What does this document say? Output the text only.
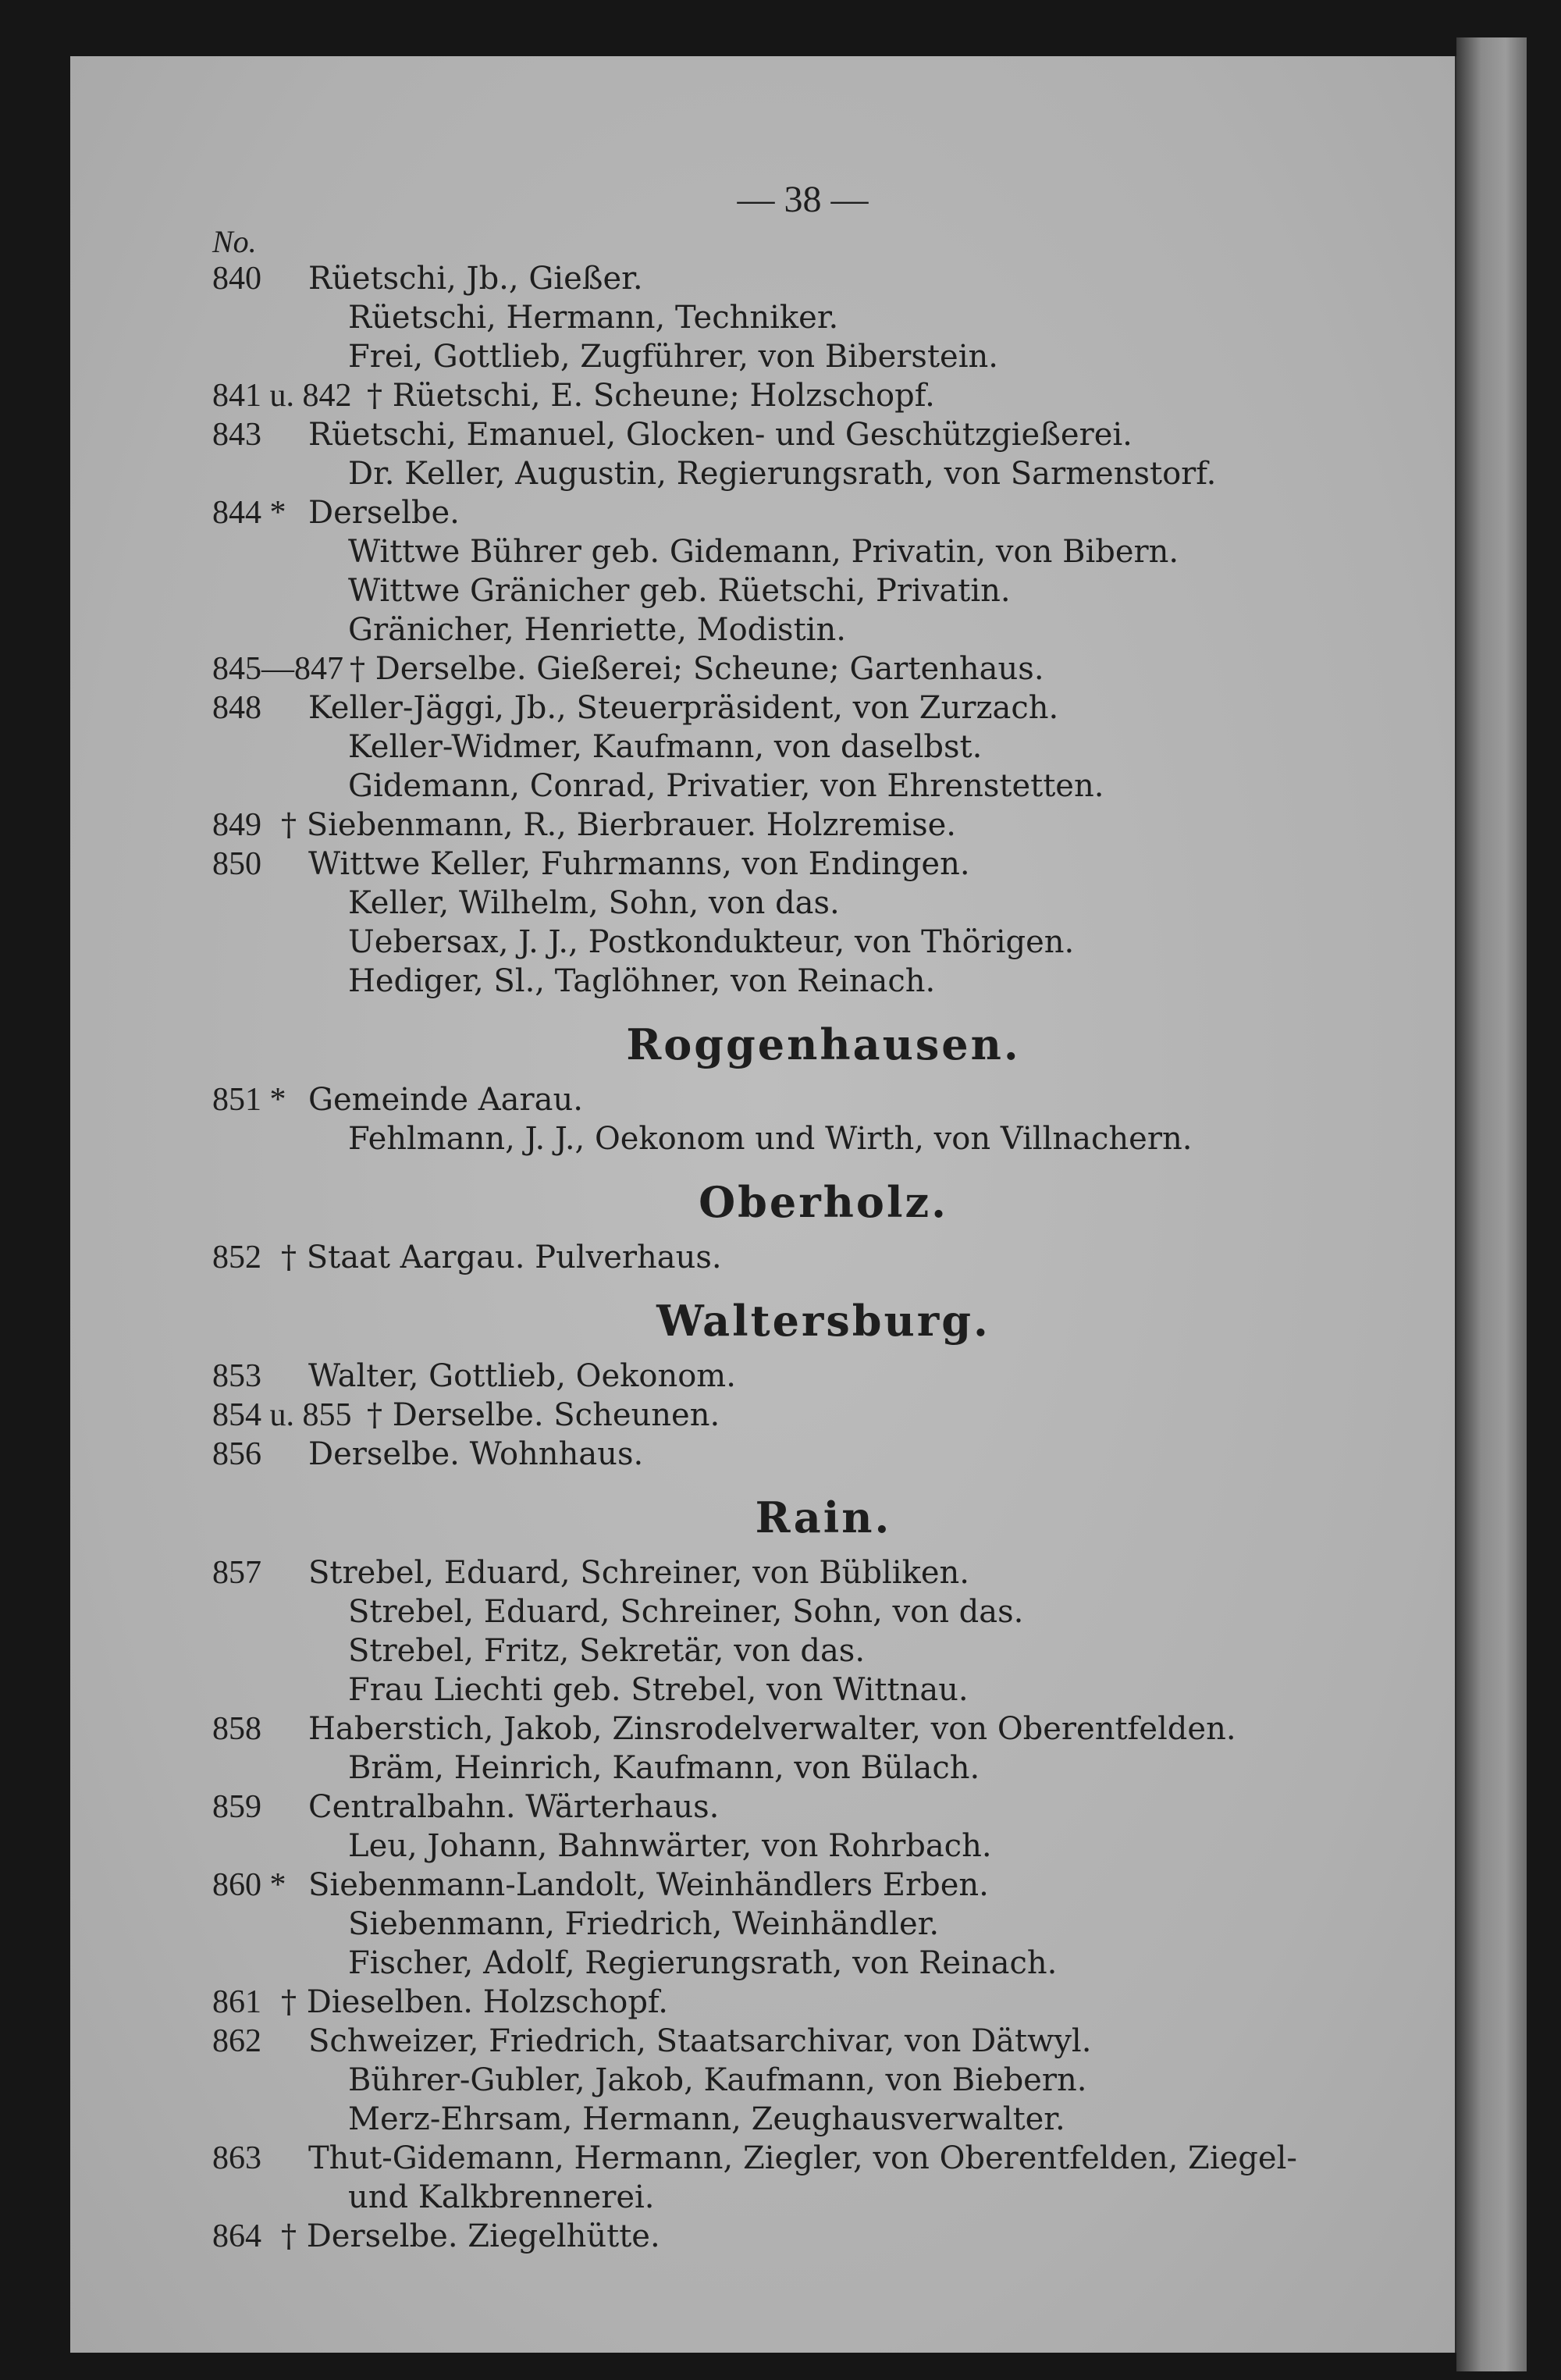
— 38 —
No.
840 Rüetschi, Jb., Gießer.
Rüetschi, Hermann, Techniker.
Frei, Gottlieb, Zugführer, von Biberstein.
841 u. 842 † Rüetschi, E. Scheune; Holzschopf.
843 Rüetschi, Emanuel, Glocken- und Geschützgießerei.
Dr. Keller, Augustin, Regierungsrath, von Sarmenstorf.
844 * Derselbe.
Wittwe Bührer geb. Gidemann, Privatin, von Bibern.
Wittwe Gränicher geb. Rüetschi, Privatin.
Gränicher, Henriette, Modistin.
845—847 † Derselbe. Gießerei; Scheune; Gartenhaus.
848 Keller-Jäggi, Jb., Steuerpräsident, von Zurzach.
Keller-Widmer, Kaufmann, von daselbst.
Gidemann, Conrad, Privatier, von Ehrenstetten.
849 † Siebenmann, R., Bierbrauer. Holzremise.
850 Wittwe Keller, Fuhrmanns, von Endingen.
Keller, Wilhelm, Sohn, von das.
Uebersax, J. J., Postkondukteur, von Thörigen.
Hediger, Sl., Taglöhner, von Reinach.
Roggenhausen.
851 * Gemeinde Aarau.
Fehlmann, J. J., Oekonom und Wirth, von Villnachern.
Oberholz.
852 † Staat Aargau. Pulverhaus.
Waltersburg.
853 Walter, Gottlieb, Oekonom.
854 u. 855 † Derselbe. Scheunen.
856 Derselbe. Wohnhaus.
Rain.
857 Strebel, Eduard, Schreiner, von Bübliken.
Strebel, Eduard, Schreiner, Sohn, von das.
Strebel, Fritz, Sekretär, von das.
Frau Liechti geb. Strebel, von Wittnau.
858 Haberstich, Jakob, Zinsrodelverwalter, von Oberentfelden.
Bräm, Heinrich, Kaufmann, von Bülach.
859 Centralbahn. Wärterhaus.
Leu, Johann, Bahnwärter, von Rohrbach.
860 * Siebenmann-Landolt, Weinhändlers Erben.
Siebenmann, Friedrich, Weinhändler.
Fischer, Adolf, Regierungsrath, von Reinach.
861 † Dieselben. Holzschopf.
862 Schweizer, Friedrich, Staatsarchivar, von Dätwyl.
Bührer-Gubler, Jakob, Kaufmann, von Biebern.
Merz-Ehrsam, Hermann, Zeughausverwalter.
863 Thut-Gidemann, Hermann, Ziegler, von Oberentfelden, Ziegel-
und Kalkbrennerei.
864 † Derselbe. Ziegelhütte.
